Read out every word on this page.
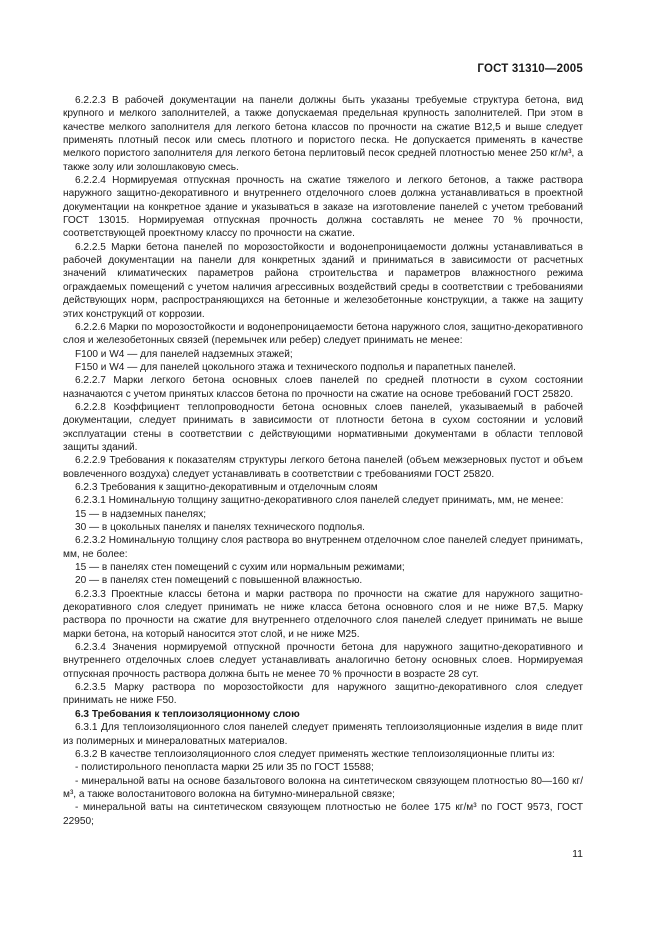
ГОСТ 31310—2005

6.2.2.3 В рабочей документации на панели должны быть указаны требуемые структура бетона, вид крупного и мелкого заполнителей, а также допускаемая предельная крупность заполнителей. При этом в качестве мелкого заполнителя для легкого бетона классов по прочности на сжатие В12,5 и выше следует применять плотный песок или смесь плотного и пористого песка. Не допускается применять в качестве мелкого пористого заполнителя для легкого бетона перлитовый песок средней плотностью менее 250 кг/м³, а также золу или золошлаковую смесь.

6.2.2.4 Нормируемая отпускная прочность на сжатие тяжелого и легкого бетонов, а также раствора наружного защитно-декоративного и внутреннего отделочного слоев должна устанавливаться в проектной документации на конкретное здание и указываться в заказе на изготовление панелей с учетом требований ГОСТ 13015. Нормируемая отпускная прочность должна составлять не менее 70 % прочности, соответствующей проектному классу по прочности на сжатие.

6.2.2.5 Марки бетона панелей по морозостойкости и водонепроницаемости должны устанавливаться в рабочей документации на панели для конкретных зданий и приниматься в зависимости от расчетных значений климатических параметров района строительства и параметров влажностного режима ограждаемых помещений с учетом наличия агрессивных воздействий среды в соответствии с требованиями действующих норм, распространяющихся на бетонные и железобетонные конструкции, а также на защиту этих конструкций от коррозии.

6.2.2.6 Марки по морозостойкости и водонепроницаемости бетона наружного слоя, защитно-декоративного слоя и железобетонных связей (перемычек или ребер) следует принимать не менее:

F100 и W4 — для панелей надземных этажей;

F150 и W4 — для панелей цокольного этажа и технического подполья и парапетных панелей.

6.2.2.7 Марки легкого бетона основных слоев панелей по средней плотности в сухом состоянии назначаются с учетом принятых классов бетона по прочности на сжатие на основе требований ГОСТ 25820.

6.2.2.8 Коэффициент теплопроводности бетона основных слоев панелей, указываемый в рабочей документации, следует принимать в зависимости от плотности бетона в сухом состоянии и условий эксплуатации стены в соответствии с действующими нормативными документами в области тепловой защиты зданий.

6.2.2.9 Требования к показателям структуры легкого бетона панелей (объем межзерновых пустот и объем вовлеченного воздуха) следует устанавливать в соответствии с требованиями ГОСТ 25820.

6.2.3 Требования к защитно-декоративным и отделочным слоям

6.2.3.1 Номинальную толщину защитно-декоративного слоя панелей следует принимать, мм, не менее:

15 — в надземных панелях;

30 — в цокольных панелях и панелях технического подполья.

6.2.3.2 Номинальную толщину слоя раствора во внутреннем отделочном слое панелей следует принимать, мм, не более:

15 — в панелях стен помещений с сухим или нормальным режимами;

20 — в панелях стен помещений с повышенной влажностью.

6.2.3.3 Проектные классы бетона и марки раствора по прочности на сжатие для наружного защитно-декоративного слоя следует принимать не ниже класса бетона основного слоя и не ниже В7,5. Марку раствора по прочности на сжатие для внутреннего отделочного слоя панелей следует принимать не выше марки бетона, на который наносится этот слой, и не ниже М25.

6.2.3.4 Значения нормируемой отпускной прочности бетона для наружного защитно-декоративного и внутреннего отделочных слоев следует устанавливать аналогично бетону основных слоев. Нормируемая отпускная прочность раствора должна быть не менее 70 % прочности в возрасте 28 сут.

6.2.3.5 Марку раствора по морозостойкости для наружного защитно-декоративного слоя следует принимать не ниже F50.

6.3 Требования к теплоизоляционному слою

6.3.1 Для теплоизоляционного слоя панелей следует применять теплоизоляционные изделия в виде плит из полимерных и минераловатных материалов.

6.3.2 В качестве теплоизоляционного слоя следует применять жесткие теплоизоляционные плиты из:

- полистирольного пенопласта марки 25 или 35 по ГОСТ 15588;

- минеральной ваты на основе базальтового волокна на синтетическом связующем плотностью 80—160 кг/м³, а также волостанитового волокна на битумно-минеральной связке;

- минеральной ваты на синтетическом связующем плотностью не более 175 кг/м³ по ГОСТ 9573, ГОСТ 22950;

11
